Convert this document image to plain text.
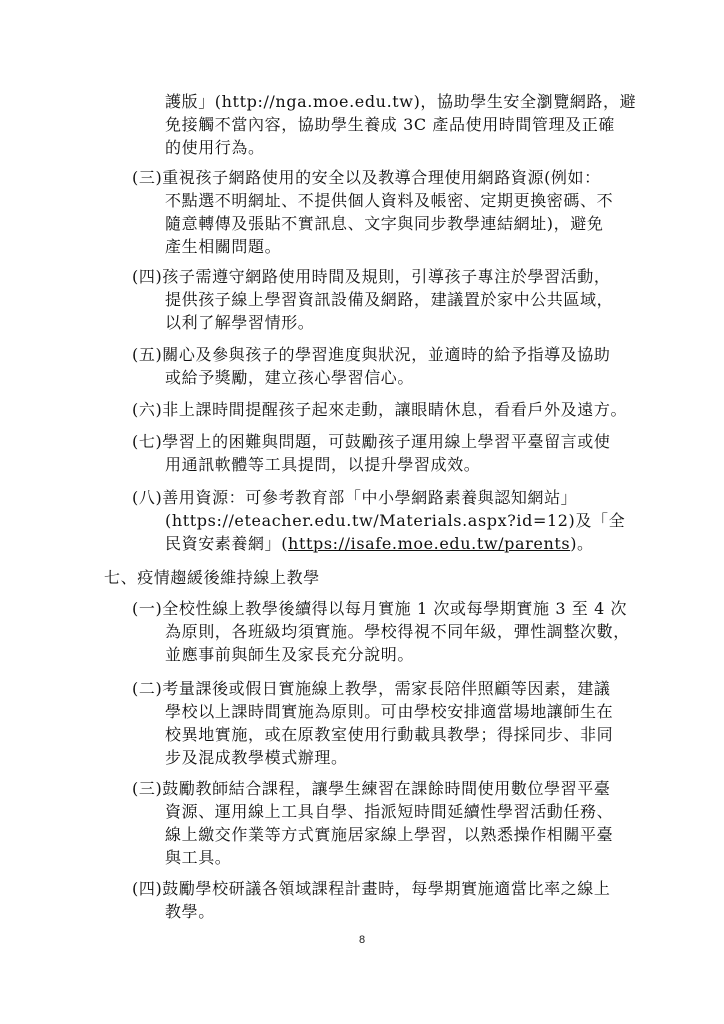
護版」(http://nga.moe.edu.tw)，協助學生安全瀏覽網路，避
免接觸不當內容，協助學生養成 3C 產品使用時間管理及正確
的使用行為。
(三)重視孩子網路使用的安全以及教導合理使用網路資源(例如：
不點選不明網址、不提供個人資料及帳密、定期更換密碼、不
隨意轉傳及張貼不實訊息、文字與同步教學連結網址)，避免
產生相關問題。
(四)孩子需遵守網路使用時間及規則，引導孩子專注於學習活動，
提供孩子線上學習資訊設備及網路，建議置於家中公共區域，
以利了解學習情形。
(五)關心及參與孩子的學習進度與狀況，並適時的給予指導及協助
或給予獎勵，建立孩心學習信心。
(六)非上課時間提醒孩子起來走動，讓眼睛休息，看看戶外及遠方。
(七)學習上的困難與問題，可鼓勵孩子運用線上學習平臺留言或使
用通訊軟體等工具提問，以提升學習成效。
(八)善用資源：可參考教育部「中小學網路素養與認知網站」
(https://eteacher.edu.tw/Materials.aspx?id=12)及「全
民資安素養網」(https://isafe.moe.edu.tw/parents)。
七、疫情趨緩後維持線上教學
(一)全校性線上教學後續得以每月實施 1 次或每學期實施 3 至 4 次
為原則，各班級均須實施。學校得視不同年級，彈性調整次數，
並應事前與師生及家長充分說明。
(二)考量課後或假日實施線上教學，需家長陪伴照顧等因素，建議
學校以上課時間實施為原則。可由學校安排適當場地讓師生在
校異地實施，或在原教室使用行動載具教學；得採同步、非同
步及混成教學模式辦理。
(三)鼓勵教師結合課程，讓學生練習在課餘時間使用數位學習平臺
資源、運用線上工具自學、指派短時間延續性學習活動任務、
線上繳交作業等方式實施居家線上學習，以熟悉操作相關平臺
與工具。
(四)鼓勵學校研議各領域課程計畫時，每學期實施適當比率之線上
教學。
8
